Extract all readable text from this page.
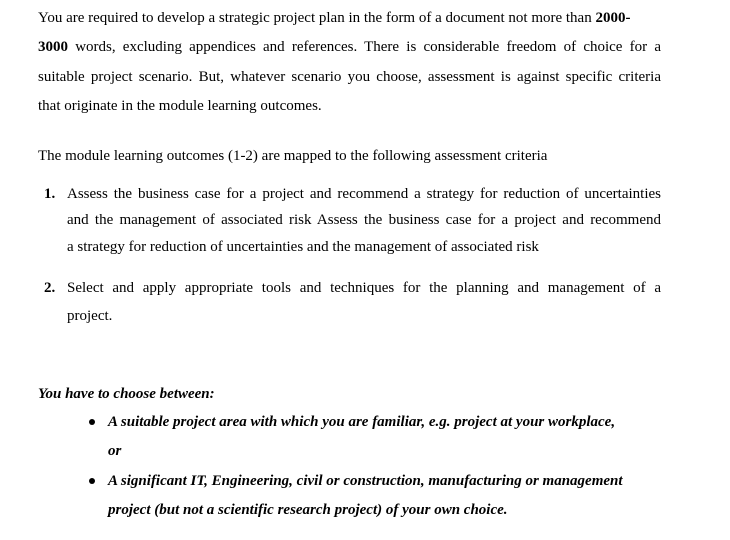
You are required to develop a strategic project plan in the form of a document not more than 2000-
3000 words, excluding appendices and references. There is considerable freedom of choice for a
suitable project scenario. But, whatever scenario you choose, assessment is against specific criteria
that originate in the module learning outcomes.
The module learning outcomes (1-2) are mapped to the following assessment criteria
1. Assess the business case for a project and recommend a strategy for reduction of uncertainties
and the management of associated risk Assess the business case for a project and recommend
a strategy for reduction of uncertainties and the management of associated risk
2. Select and apply appropriate tools and techniques for the planning and management of a
project.
You have to choose between:
A suitable project area with which you are familiar, e.g. project at your workplace,
or
A significant IT, Engineering, civil or construction, manufacturing or management
project (but not a scientific research project) of your own choice.
